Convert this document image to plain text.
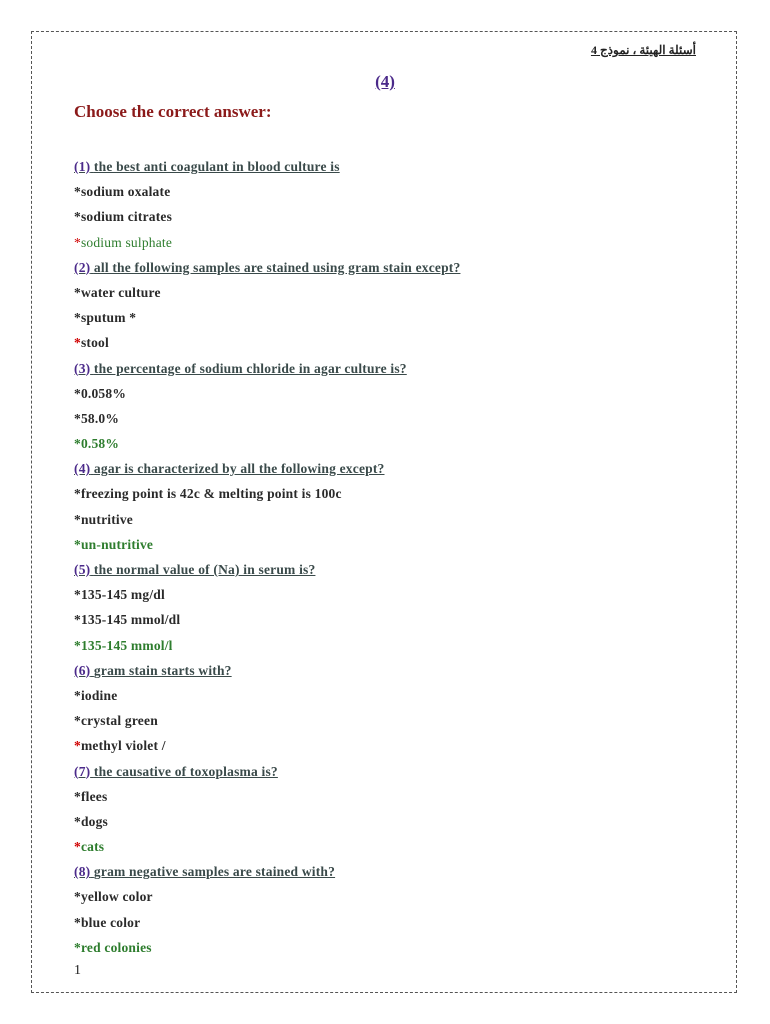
أسئلة الهيئة ، نموذج 4
(4)
Choose the correct answer:
(1) the best anti coagulant in blood culture is
*sodium oxalate
*sodium citrates
*sodium sulphate
(2) all the following samples are stained using gram stain except?
*water culture
*sputum *
*stool
(3) the percentage of sodium chloride in agar culture is?
*0.058%
*58.0%
*0.58%
(4) agar is characterized by all the following except?
*freezing point is 42c & melting point is 100c
*nutritive
*un-nutritive
(5) the normal value of (Na) in serum is?
*135-145 mg/dl
*135-145 mmol/dl
*135-145 mmol/l
(6) gram stain starts with?
*iodine
*crystal green
*methyl violet /
(7) the causative of toxoplasma is?
*flees
*dogs
*cats
(8) gram negative samples are stained with?
*yellow color
*blue color
*red colonies
1
